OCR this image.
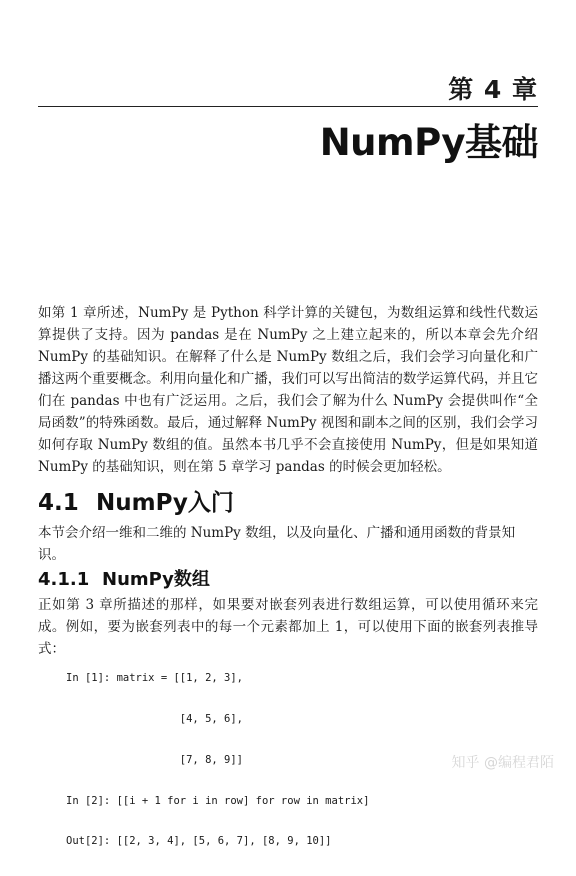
第 4 章
NumPy基础

如第 1 章所述，NumPy 是 Python 科学计算的关键包，为数组运算和线性代数运算提供了支持。因为 pandas 是在 NumPy 之上建立起来的，所以本章会先介绍 NumPy 的基础知识。在解释了什么是 NumPy 数组之后，我们会学习向量化和广播这两个重要概念。利用向量化和广播，我们可以写出简洁的数学运算代码，并且它们在 pandas 中也有广泛运用。之后，我们会了解为什么 NumPy 会提供叫作“全局函数”的特殊函数。最后，通过解释 NumPy 视图和副本之间的区别，我们会学习如何存取 NumPy 数组的值。虽然本书几乎不会直接使用 NumPy，但是如果知道 NumPy 的基础知识，则在第 5 章学习 pandas 的时候会更加轻松。

4.1 NumPy入门

本节会介绍一维和二维的 NumPy 数组，以及向量化、广播和通用函数的背景知识。

4.1.1 NumPy数组

正如第 3 章所描述的那样，如果要对嵌套列表进行数组运算，可以使用循环来完成。例如，要为嵌套列表中的每一个元素都加上 1，可以使用下面的嵌套列表推导式：

In [1]: matrix = [[1, 2, 3],

[4, 5, 6],

[7, 8, 9]]

In [2]: [[i + 1 for i in row] for row in matrix]

Out[2]: [[2, 3, 4], [5, 6, 7], [8, 9, 10]]

知乎 @编程君陌
